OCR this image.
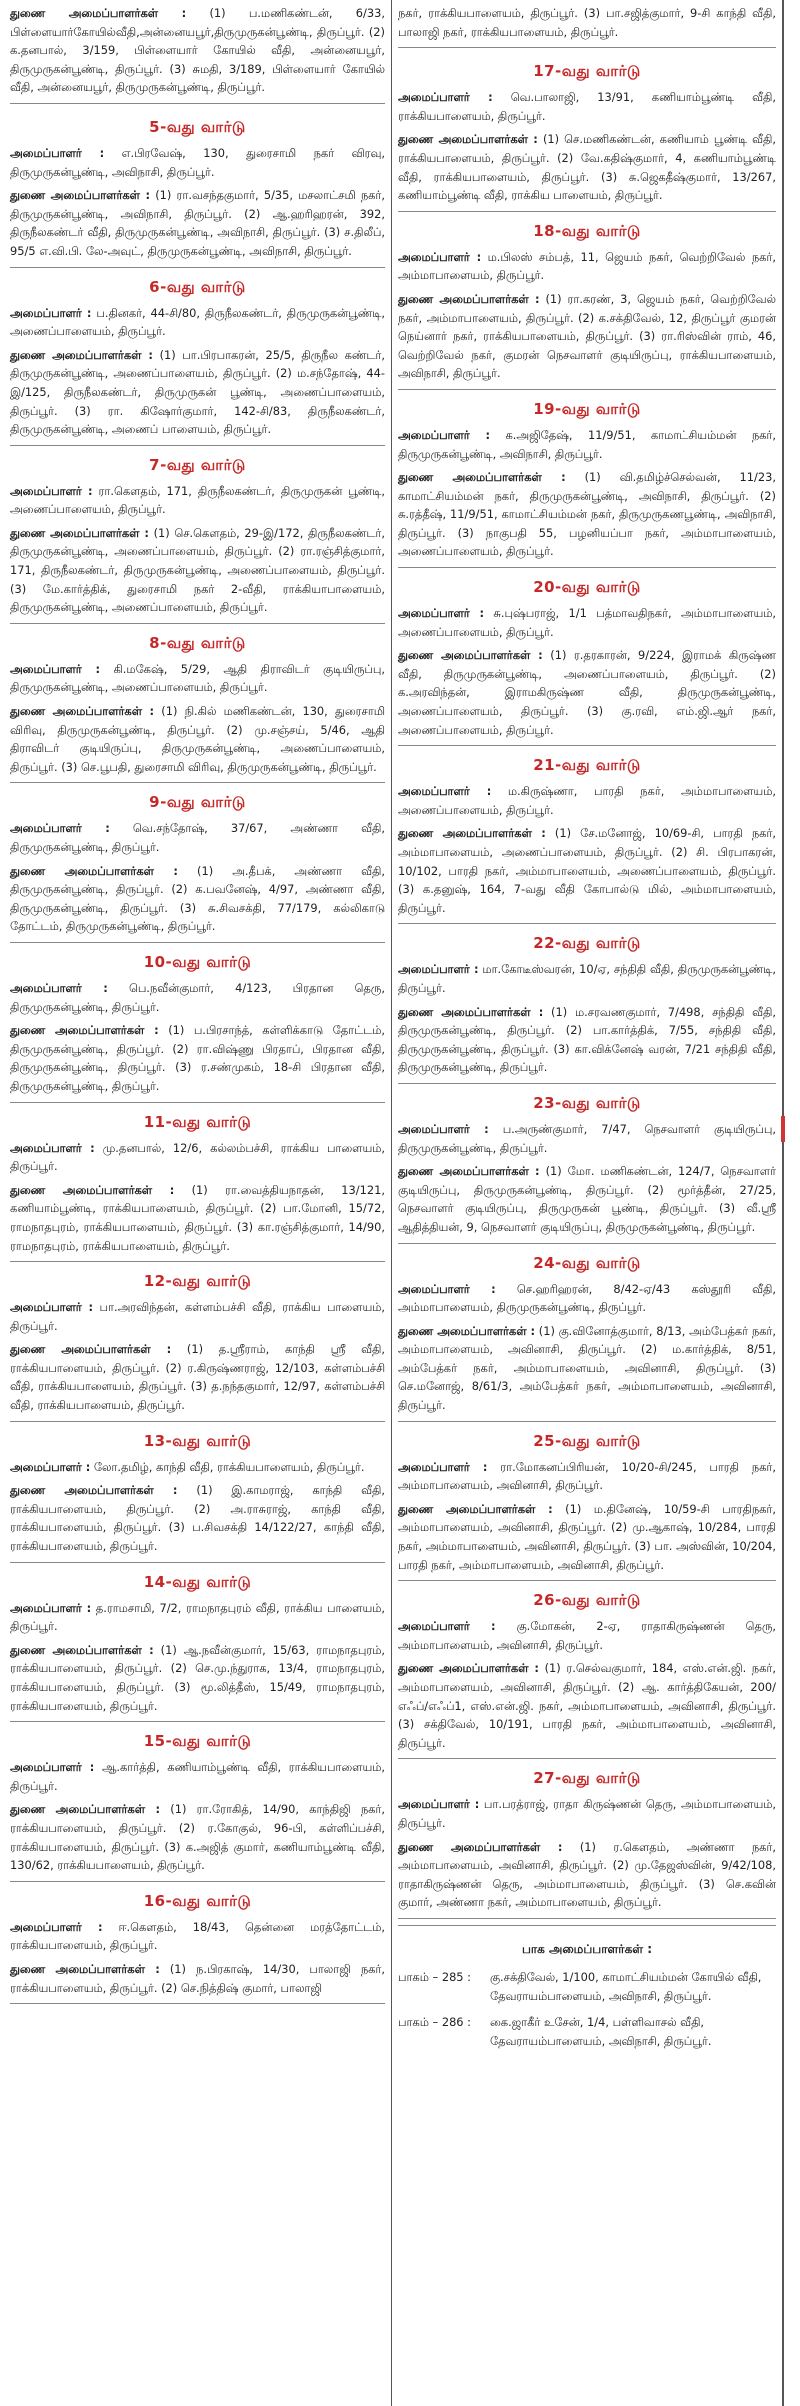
துணை அமைப்பாளர்கள் : (1) ப.மணிகண்டன், 6/33, பிள்ளையார்கோயில்வீதி,அன்னையபூர்,திருமுருகன்பூண்டி, திருப்பூர். (2) க.தனபால், 3/159, பிள்ளையார் கோயில் வீதி, அன்னையபூர், திருமுருகன்பூண்டி, திருப்பூர். (3) சுமதி, 3/189, பிள்ளையார் கோயில் வீதி, அன்னையபூர், திருமுருகன்பூண்டி, திருப்பூர்.

5-வது வார்டு

அமைப்பாளர் : எ.பிரவேஷ், 130, துரைசாமி நகர் விரவு, திருமுருகன்பூண்டி, அவிநாசி, திருப்பூர்.

துணை அமைப்பாளர்கள் : (1) ரா.வசந்தகுமார், 5/35, மசலாட்சமி நகர், திருமுருகன்பூண்டி, அவிநாசி, திருப்பூர். (2) ஆ.ஹரிஹரன், 392, திருநீலகண்டர் வீதி, திருமுருகன்பூண்டி, அவிநாசி, திருப்பூர். (3) ச.திலீப், 95/5 எ.வி.பி. லே-அவுட், திருமுருகன்பூண்டி, அவிநாசி, திருப்பூர்.

6-வது வார்டு

அமைப்பாளர் : ப.தினகர், 44-சி/80, திருநீலகண்டர், திருமுருகன்பூண்டி, அணைப்பாளையம், திருப்பூர்.

துணை அமைப்பாளர்கள் : (1) பா.பிரபாகரன், 25/5, திருநீல கண்டர், திருமுருகன்பூண்டி, அணைப்பாளையம், திருப்பூர். (2) ம.சந்தோஷ், 44-இ/125, திருநீலகண்டர், திருமுருகன் பூண்டி, அணைப்பாளையம், திருப்பூர். (3) ரா. கிஷோர்குமார், 142-சி/83, திருநீலகண்டர், திருமுருகன்பூண்டி, அணைப் பாளையம், திருப்பூர்.

7-வது வார்டு

அமைப்பாளர் : ரா.கௌதம், 171, திருநீலகண்டர், திருமுருகன் பூண்டி, அணைப்பாளையம், திருப்பூர்.

துணை அமைப்பாளர்கள் : (1) செ.கௌதம், 29-இ/172, திருநீலகண்டர், திருமுருகன்பூண்டி, அணைப்பாளையம், திருப்பூர். (2) ரா.ரஞ்சித்குமார், 171, திருநீலகண்டர், திருமுருகன்பூண்டி, அணைப்பாளையம், திருப்பூர். (3) மே.கார்த்திக், துரைசாமி நகர் 2-வீதி, ராக்கியாபாளையம், திருமுருகன்பூண்டி, அணைப்பாளையம், திருப்பூர்.

8-வது வார்டு

அமைப்பாளர் : கி.மகேஷ், 5/29, ஆதி திராவிடர் குடியிருப்பு, திருமுருகன்பூண்டி, அணைப்பாளையம், திருப்பூர்.

துணை அமைப்பாளர்கள் : (1) நி.கில் மணிகண்டன், 130, துரைசாமி விரிவு, திருமுருகன்பூண்டி, திருப்பூர். (2) மு.சஞ்சய், 5/46, ஆதி திராவிடர் குடியிருப்பு, திருமுருகன்பூண்டி, அணைப்பாளையம், திருப்பூர். (3) செ.பூபதி, துரைசாமி விரிவு, திருமுருகன்பூண்டி, திருப்பூர்.

9-வது வார்டு

அமைப்பாளர் : வெ.சந்தோஷ், 37/67, அண்ணா வீதி, திருமுருகன்பூண்டி, திருப்பூர்.

துணை அமைப்பாளர்கள் : (1) அ.தீபக், அண்ணா வீதி, திருமுருகன்பூண்டி, திருப்பூர். (2) க.பவனேஷ், 4/97, அண்ணா வீதி, திருமுருகன்பூண்டி, திருப்பூர். (3) சு.சிவசக்தி, 77/179, கல்லிகாடு தோட்டம், திருமுருகன்பூண்டி, திருப்பூர்.

10-வது வார்டு

அமைப்பாளர் : பெ.நவீன்குமார், 4/123, பிரதான தெரு, திருமுருகன்பூண்டி, திருப்பூர்.

துணை அமைப்பாளர்கள் : (1) ப.பிரசாந்த், கள்ளிக்காடு தோட்டம், திருமுருகன்பூண்டி, திருப்பூர். (2) ரா.விஷ்ணு பிரதாப், பிரதான வீதி, திருமுருகன்பூண்டி, திருப்பூர். (3) ர.சண்முகம், 18-சி பிரதான வீதி, திருமுருகன்பூண்டி, திருப்பூர்.

11-வது வார்டு

அமைப்பாளர் : மு.தனபால், 12/6, கல்லம்பச்சி, ராக்கிய பாளையம், திருப்பூர்.

துணை அமைப்பாளர்கள் : (1) ரா.வைத்தியநாதன், 13/121, கணியாம்பூண்டி, ராக்கியபாளையம், திருப்பூர். (2) பா.மோனி, 15/72, ராமநாதபுரம், ராக்கியபாளையம், திருப்பூர். (3) கா.ரஞ்சித்குமார், 14/90, ராமநாதபுரம், ராக்கியபாளையம், திருப்பூர்.

12-வது வார்டு

அமைப்பாளர் : பா.அரவிந்தன், கள்ளம்பச்சி வீதி, ராக்கிய பாளையம், திருப்பூர்.

துணை அமைப்பாளர்கள் : (1) த.ஸ்ரீராம், காந்தி ஸ்ரீ வீதி, ராக்கியபாளையம், திருப்பூர். (2) ர.கிருஷ்ணராஜ், 12/103, கள்ளம்பச்சி வீதி, ராக்கியபாளையம், திருப்பூர். (3) த.நந்தகுமார், 12/97, கள்ளம்பச்சி வீதி, ராக்கியபாளையம், திருப்பூர்.

13-வது வார்டு

அமைப்பாளர் : லோ.தமிழ், காந்தி வீதி, ராக்கியபாளையம், திருப்பூர்.

துணை அமைப்பாளர்கள் : (1) இ.காமராஜ், காந்தி வீதி, ராக்கியபாளையம், திருப்பூர். (2) அ.ராசுராஜ், காந்தி வீதி, ராக்கியபாளையம், திருப்பூர். (3) ப.சிவசக்தி 14/122/27, காந்தி வீதி, ராக்கியபாளையம், திருப்பூர்.

14-வது வார்டு

அமைப்பாளர் : த.ராமசாமி, 7/2, ராமநாதபுரம் வீதி, ராக்கிய பாளையம், திருப்பூர்.

துணை அமைப்பாளர்கள் : (1) ஆ.நவீன்குமார், 15/63, ராமநாதபுரம், ராக்கியபாளையம், திருப்பூர். (2) செ.மு.ந்துராக, 13/4, ராமநாதபுரம், ராக்கியபாளையம், திருப்பூர். (3) மூ.லித்தீஸ், 15/49, ராமநாதபுரம், ராக்கியபாளையம், திருப்பூர்.

15-வது வார்டு

அமைப்பாளர் : ஆ.கார்த்தி, கணியாம்பூண்டி வீதி, ராக்கியபாளையம், திருப்பூர்.

துணை அமைப்பாளர்கள் : (1) ரா.ரோகித், 14/90, காந்திஜி நகர், ராக்கியபாளையம், திருப்பூர். (2) ர.கோகுல், 96-பி, கள்ளிப்பச்சி, ராக்கியபாளையம், திருப்பூர். (3) க.அஜித் குமார், கணியாம்பூண்டி வீதி, 130/62, ராக்கியபாளையம், திருப்பூர்.

16-வது வார்டு

அமைப்பாளர் : ஈ.கௌதம், 18/43, தென்னை மரத்தோட்டம், ராக்கியபாளையம், திருப்பூர்.

துணை அமைப்பாளர்கள் : (1) ந.பிரகாஷ், 14/30, பாலாஜி நகர், ராக்கியபாளையம், திருப்பூர். (2) செ.நித்திஷ் குமார், பாலாஜி

நகர், ராக்கியபாளையம், திருப்பூர். (3) பா.சஜித்குமார், 9-சி காந்தி வீதி, பாலாஜி நகர், ராக்கியபாளையம், திருப்பூர்.

17-வது வார்டு

அமைப்பாளர் : வெ.பாலாஜி, 13/91, கணியாம்பூண்டி வீதி, ராக்கியபாளையம், திருப்பூர்.

துணை அமைப்பாளர்கள் : (1) செ.மணிகண்டன், கணியாம் பூண்டி வீதி, ராக்கியபாளையம், திருப்பூர். (2) வே.கதிஷ்குமார், 4, கணியாம்பூண்டி வீதி, ராக்கியபாளையம், திருப்பூர். (3) சு.ஜெகதீஷ்குமார், 13/267, கணியாம்பூண்டி வீதி, ராக்கிய பாளையம், திருப்பூர்.

18-வது வார்டு

அமைப்பாளர் : ம.பிலஸ் சம்பத், 11, ஜெயம் நகர், வெற்றிவேல் நகர், அம்மாபாளையம், திருப்பூர்.

துணை அமைப்பாளர்கள் : (1) ரா.கரண், 3, ஜெயம் நகர், வெற்றிவேல் நகர், அம்மாபாளையம், திருப்பூர். (2) க.சக்திவேல், 12, திருப்பூர் குமரன் நெய்னார் நகர், ராக்கியபாளையம், திருப்பூர். (3) ரா.ரிஸ்வின் ராம், 46, வெற்றிவேல் நகர், குமரன் நெசவாளர் குடியிருப்பு, ராக்கியபாளையம், அவிநாசி, திருப்பூர்.

19-வது வார்டு

அமைப்பாளர் : க.அஜிதேஷ், 11/9/51, காமாட்சியம்மன் நகர், திருமுருகன்பூண்டி, அவிநாசி, திருப்பூர்.

துணை அமைப்பாளர்கள் : (1) வி.தமிழ்ச்செல்வன், 11/23, காமாட்சியம்மன் நகர், திருமுருகன்பூண்டி, அவிநாசி, திருப்பூர். (2) சு.ரத்தீஷ், 11/9/51, காமாட்சியம்மன் நகர், திருமுருகணபூண்டி, அவிநாசி, திருப்பூர். (3) நாகுபதி 55, பழனியப்பா நகர், அம்மாபாளையம், அணைப்பாளையம், திருப்பூர்.

20-வது வார்டு

அமைப்பாளர் : சு.புஷ்பராஜ், 1/1 பத்மாவதிநகர், அம்மாபாளையம், அணைப்பாளையம், திருப்பூர்.

துணை அமைப்பாளர்கள் : (1) ர.தரகாரன், 9/224, இராமக் கிருஷ்ண வீதி, திருமுருகன்பூண்டி, அணைப்பாளையம், திருப்பூர். (2) க.அரவிந்தன், இராமகிருஷ்ண வீதி, திருமுருகன்பூண்டி, அணைப்பாளையம், திருப்பூர். (3) கு.ரவி, எம்.ஜி.ஆர் நகர், அணைப்பாளையம், திருப்பூர்.

21-வது வார்டு

அமைப்பாளர் : ம.கிருஷ்ணா, பாரதி நகர், அம்மாபாளையம், அணைப்பாளையம், திருப்பூர்.

துணை அமைப்பாளர்கள் : (1) சே.மனோஜ், 10/69-சி, பாரதி நகர், அம்மாபாளையம், அணைப்பாளையம், திருப்பூர். (2) சி. பிரபாகரன், 10/102, பாரதி நகர், அம்மாபாளையம், அணைப்பாளையம், திருப்பூர். (3) க.தனுஷ், 164, 7-வது வீதி கோபால்டு மில், அம்மாபாளையம், திருப்பூர்.

22-வது வார்டு

அமைப்பாளர் : மா.கோடீஸ்வரன், 10/ஏ, சந்திதி வீதி, திருமுருகன்பூண்டி, திருப்பூர்.

துணை அமைப்பாளர்கள் : (1) ம.சரவணகுமார், 7/498, சந்திதி வீதி, திருமுருகன்பூண்டி, திருப்பூர். (2) பா.கார்த்திக், 7/55, சந்திதி வீதி, திருமுருகன்பூண்டி, திருப்பூர். (3) கா.விக்னேஷ் வரன், 7/21 சந்திதி வீதி, திருமுருகன்பூண்டி, திருப்பூர்.

23-வது வார்டு

அமைப்பாளர் : ப.அருண்குமார், 7/47, நெசவாளர் குடியிருப்பு, திருமுருகன்பூண்டி, திருப்பூர்.

துணை அமைப்பாளர்கள் : (1) மோ. மணிகண்டன், 124/7, நெசவாளர் குடியிருப்பு, திருமுருகன்பூண்டி, திருப்பூர். (2) மூர்த்தீன், 27/25, நெசவாளர் குடியிருப்பு, திருமுருகன் பூண்டி, திருப்பூர். (3) வீ.ஸ்ரீ ஆதித்தியன், 9, நெசவாளர் குடியிருப்பு, திருமுருகன்பூண்டி, திருப்பூர்.

24-வது வார்டு

அமைப்பாளர் : செ.ஹரிஹரன், 8/42-ஏ/43 கஸ்தூரி வீதி, அம்மாபாளையம், திருமுருகன்பூண்டி, திருப்பூர்.

துணை அமைப்பாளர்கள் : (1) கு.வினோத்குமார், 8/13, அம்பேத்கர் நகர், அம்மாபாளையம், அவினாசி, திருப்பூர். (2) ம.கார்த்திக், 8/51, அம்பேத்கர் நகர், அம்மாபாளையம், அவினாசி, திருப்பூர். (3) செ.மனோஜ், 8/61/3, அம்பேத்கர் நகர், அம்மாபாளையம், அவினாசி, திருப்பூர்.

25-வது வார்டு

அமைப்பாளர் : ரா.மோகனப்பிரியன், 10/20-சி/245, பாரதி நகர், அம்மாபாளையம், அவினாசி, திருப்பூர்.

துணை அமைப்பாளர்கள் : (1) ம.தினேஷ், 10/59-சி பாரதிநகர், அம்மாபாளையம், அவினாசி, திருப்பூர். (2) மு.ஆகாஷ், 10/284, பாரதி நகர், அம்மாபாளையம், அவினாசி, திருப்பூர். (3) பா. அஸ்வின், 10/204, பாரதி நகர், அம்மாபாளையம், அவினாசி, திருப்பூர்.

26-வது வார்டு

அமைப்பாளர் : கு.மோகன், 2-ஏ, ராதாகிருஷ்ணன் தெரு, அம்மாபாளையம், அவினாசி, திருப்பூர்.

துணை அமைப்பாளர்கள் : (1) ர.செல்வகுமார், 184, எஸ்.என்.ஜி. நகர், அம்மாபாளையம், அவினாசி, திருப்பூர். (2) ஆ. கார்த்திகேயன், 200/எஃப்/எஃப்1, எஸ்.என்.ஜி. நகர், அம்மாபாளையம், அவினாசி, திருப்பூர். (3) சக்திவேல், 10/191, பாரதி நகர், அம்மாபாளையம், அவினாசி, திருப்பூர்.

27-வது வார்டு

அமைப்பாளர் : பா.பரத்ராஜ், ராதா கிருஷ்ணன் தெரு, அம்மாபாளையம், திருப்பூர்.

துணை அமைப்பாளர்கள் : (1) ர.கௌதம், அண்ணா நகர், அம்மாபாளையம், அவினாசி, திருப்பூர். (2) மு.தேஜஸ்வின், 9/42/108, ராதாகிருஷ்ணன் தெரு, அம்மாபாளையம், திருப்பூர். (3) செ.கவின் குமார், அண்ணா நகர், அம்மாபாளையம், திருப்பூர்.

பாக அமைப்பாளர்கள் :
பாகம் – 285 :	கு.சக்திவேல், 1/100, காமாட்சியம்மன் கோயில் வீதி, தேவராயம்பாளையம், அவிநாசி, திருப்பூர்.
பாகம் – 286 :	கை.ஜாகீர் உசேன், 1/4, பள்ளிவாசல் வீதி, தேவராயம்பாளையம், அவிநாசி, திருப்பூர்.
